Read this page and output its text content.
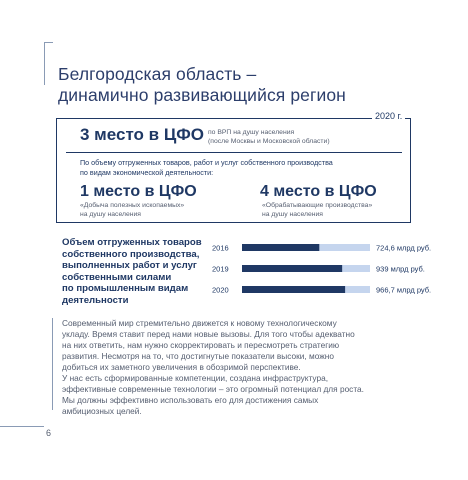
Белгородская область –
динамично развивающийся регион
2020 г.
3 место в ЦФО по ВРП на душу населения
(после Москвы и Московской области)
По объему отгруженных товаров, работ и услуг собственного производства
по видам экономической деятельности:
1 место в ЦФО
«Добыча полезных ископаемых»
на душу населения
4 место в ЦФО
«Обрабатывающие производства»
на душу населения
Объем отгруженных товаров
собственного производства,
выполненных работ и услуг
собственными силами
по промышленным видам
деятельности
2016	724,6 млрд руб.
2019	939 млрд руб.
2020	966,7 млрд руб.

Современный мир стремительно движется к новому технологическому

укладу. Время ставит перед нами новые вызовы. Для того чтобы адекватно

на них ответить, нам нужно скорректировать и пересмотреть стратегию

развития. Несмотря на то, что достигнутые показатели высоки, можно

добиться их заметного увеличения в обозримой перспективе.

У нас есть сформированные компетенции, создана инфраструктура,

эффективные современные технологии – это огромный потенциал для роста.

Мы должны эффективно использовать его для достижения самых

амбициозных целей.

6
